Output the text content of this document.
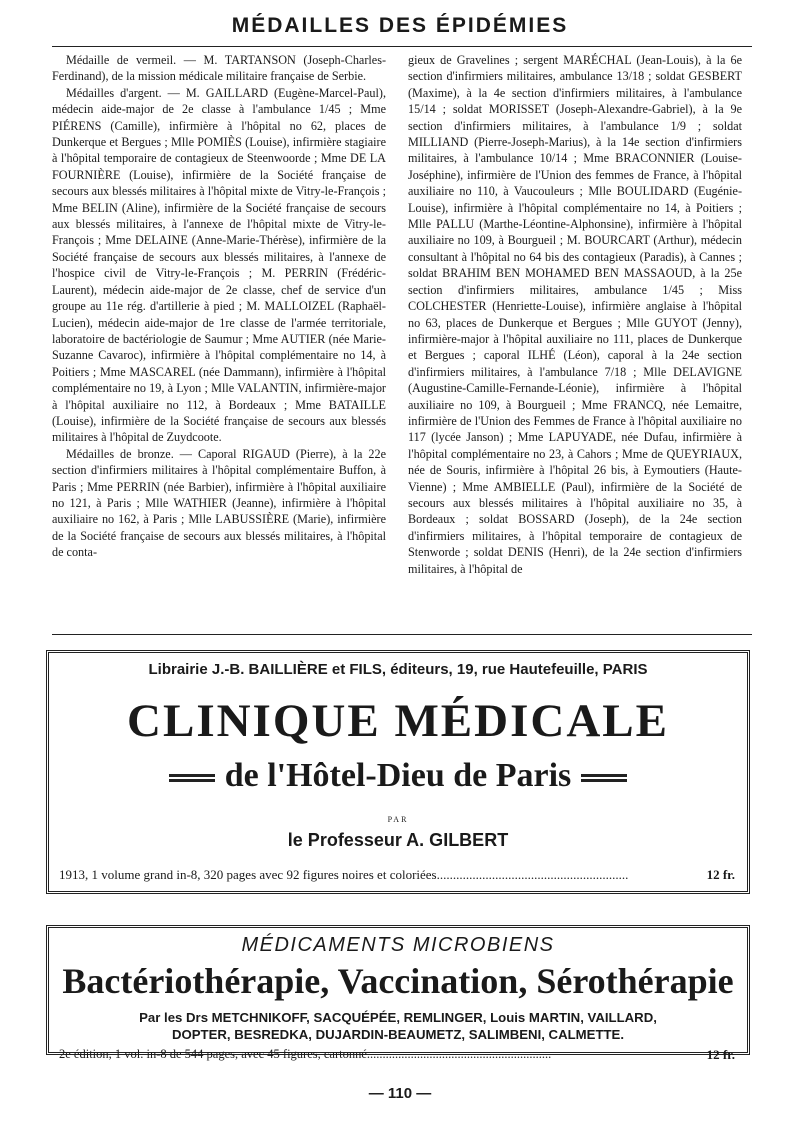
MÉDAILLES DES ÉPIDÉMIES

Médaille de vermeil. — M. TARTANSON (Joseph-Charles-Ferdinand), de la mission médicale militaire française de Serbie.

Médailles d'argent. — M. GAILLARD (Eugène-Marcel-Paul), médecin aide-major de 2e classe à l'ambulance 1/45 ; Mme PIÉRENS (Camille), infirmière à l'hôpital no 62, places de Dunkerque et Bergues ; Mlle POMIÈS (Louise), infirmière stagiaire à l'hôpital temporaire de contagieux de Steenwoorde ; Mme DE LA FOURNIÈRE (Louise), infirmière de la Société française de secours aux blessés militaires à l'hôpital mixte de Vitry-le-François ; Mme BELIN (Aline), infirmière de la Société française de secours aux blessés militaires, à l'annexe de l'hôpital mixte de Vitry-le-François ; Mme DELAINE (Anne-Marie-Thérèse), infirmière de la Société française de secours aux blessés militaires, à l'annexe de l'hospice civil de Vitry-le-François ; M. PERRIN (Frédéric-Laurent), médecin aide-major de 2e classe, chef de service d'un groupe au 11e rég. d'artillerie à pied ; M. MALLOIZEL (Raphaël-Lucien), médecin aide-major de 1re classe de l'armée territoriale, laboratoire de bactériologie de Saumur ; Mme AUTIER (née Marie-Suzanne Cavaroc), infirmière à l'hôpital complémentaire no 14, à Poitiers ; Mme MASCAREL (née Dammann), infirmière à l'hôpital complémentaire no 19, à Lyon ; Mlle VALANTIN, infirmière-major à l'hôpital auxiliaire no 112, à Bordeaux ; Mme BATAILLE (Louise), infirmière de la Société française de secours aux blessés militaires à l'hôpital de Zuydcoote.

Médailles de bronze. — Caporal RIGAUD (Pierre), à la 22e section d'infirmiers militaires à l'hôpital complémentaire Buffon, à Paris ; Mme PERRIN (née Barbier), infirmière à l'hôpital auxiliaire no 121, à Paris ; Mlle WATHIER (Jeanne), infirmière à l'hôpital auxiliaire no 162, à Paris ; Mlle LABUSSIÈRE (Marie), infirmière de la Société française de secours aux blessés militaires, à l'hôpital de conta-

gieux de Gravelines ; sergent MARÉCHAL (Jean-Louis), à la 6e section d'infirmiers militaires, ambulance 13/18 ; soldat GESBERT (Maxime), à la 4e section d'infirmiers militaires, à l'ambulance 15/14 ; soldat MORISSET (Joseph-Alexandre-Gabriel), à la 9e section d'infirmiers militaires, à l'ambulance 1/9 ; soldat MILLIAND (Pierre-Joseph-Marius), à la 14e section d'infirmiers militaires, à l'ambulance 10/14 ; Mme BRACONNIER (Louise-Joséphine), infirmière de l'Union des femmes de France, à l'hôpital auxiliaire no 110, à Vaucouleurs ; Mlle BOULIDARD (Eugénie-Louise), infirmière à l'hôpital complémentaire no 14, à Poitiers ; Mlle PALLU (Marthe-Léontine-Alphonsine), infirmière à l'hôpital auxiliaire no 109, à Bourgueil ; M. BOURCART (Arthur), médecin consultant à l'hôpital no 64 bis des contagieux (Paradis), à Cannes ; soldat BRAHIM BEN MOHAMED BEN MASSAOUD, à la 25e section d'infirmiers militaires, ambulance 1/45 ; Miss COLCHESTER (Henriette-Louise), infirmière anglaise à l'hôpital no 63, places de Dunkerque et Bergues ; Mlle GUYOT (Jenny), infirmière-major à l'hôpital auxiliaire no 111, places de Dunkerque et Bergues ; caporal ILHÉ (Léon), caporal à la 24e section d'infirmiers militaires, à l'ambulance 7/18 ; Mlle DELAVIGNE (Augustine-Camille-Fernande-Léonie), infirmière à l'hôpital auxiliaire no 109, à Bourgueil ; Mme FRANCQ, née Lemaitre, infirmière de l'Union des Femmes de France à l'hôpital auxiliaire no 117 (lycée Janson) ; Mme LAPUYADE, née Dufau, infirmière à l'hôpital complémentaire no 23, à Cahors ; Mme de QUEYRIAUX, née de Souris, infirmière à l'hôpital 26 bis, à Eymoutiers (Haute-Vienne) ; Mme AMBIELLE (Paul), infirmière de la Société de secours aux blessés militaires à l'hôpital auxiliaire no 35, à Bordeaux ; soldat BOSSARD (Joseph), de la 24e section d'infirmiers militaires, à l'hôpital temporaire de contagieux de Stenworde ; soldat DENIS (Henri), de la 24e section d'infirmiers militaires, à l'hôpital de

Librairie J.-B. BAILLIÈRE et FILS, éditeurs, 19, rue Hautefeuille, PARIS
CLINIQUE MÉDICALE
de l'Hôtel-Dieu de Paris
PAR
le Professeur A. GILBERT
1913, 1 volume grand in-8, 320 pages avec 92 figures noires et coloriées...........................................................	12 fr.
MÉDICAMENTS MICROBIENS
Bactériothérapie, Vaccination, Sérothérapie
Par les Drs METCHNIKOFF, SACQUÉPÉE, REMLINGER, Louis MARTIN, VAILLARD,
DOPTER, BESREDKA, DUJARDIN-BEAUMETZ, SALIMBENI, CALMETTE.
2e édition, 1 vol. in-8 de 544 pages, avec 45 figures, cartonné...........................................................	12 fr.
— 110 —
